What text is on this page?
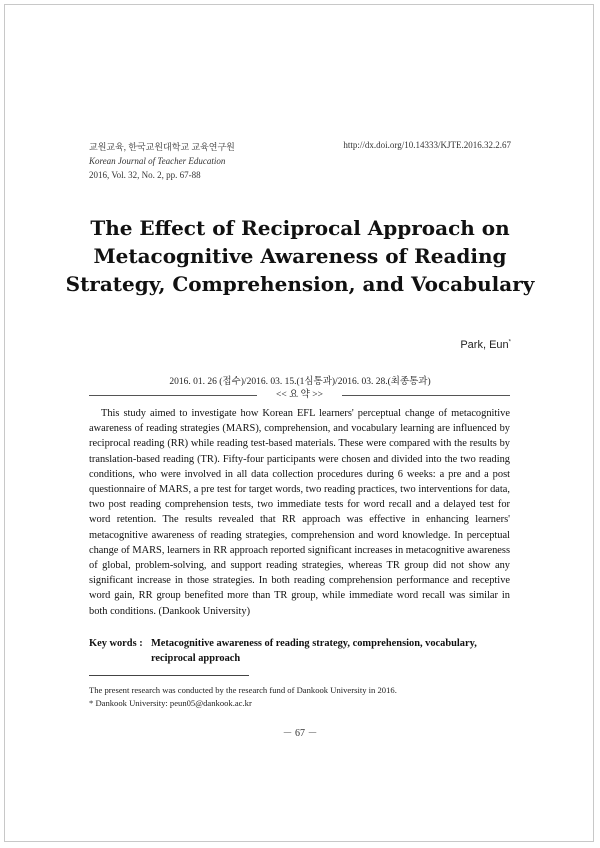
교원교육, 한국교원대학교 교육연구원
Korean Journal of Teacher Education
2016, Vol. 32, No. 2, pp. 67-88
http://dx.doi.org/10.14333/KJTE.2016.32.2.67
The Effect of Reciprocal Approach on
Metacognitive Awareness of Reading
Strategy, Comprehension, and Vocabulary
Park, Eun*
2016. 01. 26 (접수)/2016. 03. 15.(1심통과)/2016. 03. 28.(최종통과)
<< 요 약 >>

This study aimed to investigate how Korean EFL learners' perceptual change of metacognitive awareness of reading strategies (MARS), comprehension, and vocabulary learning are influenced by reciprocal reading (RR) while reading test-based materials. These were compared with the results by translation-based reading (TR). Fifty-four participants were chosen and divided into the two reading conditions, who were involved in all data collection procedures during 6 weeks: a pre and a post questionnaire of MARS, a pre test for target words, two reading practices, two interventions for data, two post reading comprehension tests, two immediate tests for word recall and a delayed test for word retention. The results revealed that RR approach was effective in enhancing learners' metacognitive awareness of reading strategies, comprehension and word knowledge. In perceptual change of MARS, learners in RR approach reported significant increases in metacognitive awareness of global, problem-solving, and support reading strategies, whereas TR group did not show any significant increase in those strategies. In both reading comprehension performance and receptive word gain, RR group benefited more than TR group, while immediate word recall was similar in both conditions. (Dankook University)

Key words : Metacognitive awareness of reading strategy, comprehension, vocabulary, reciprocal approach
The present research was conducted by the research fund of Dankook University in 2016.
* Dankook University: peun05@dankook.ac.kr
－ 67 －
